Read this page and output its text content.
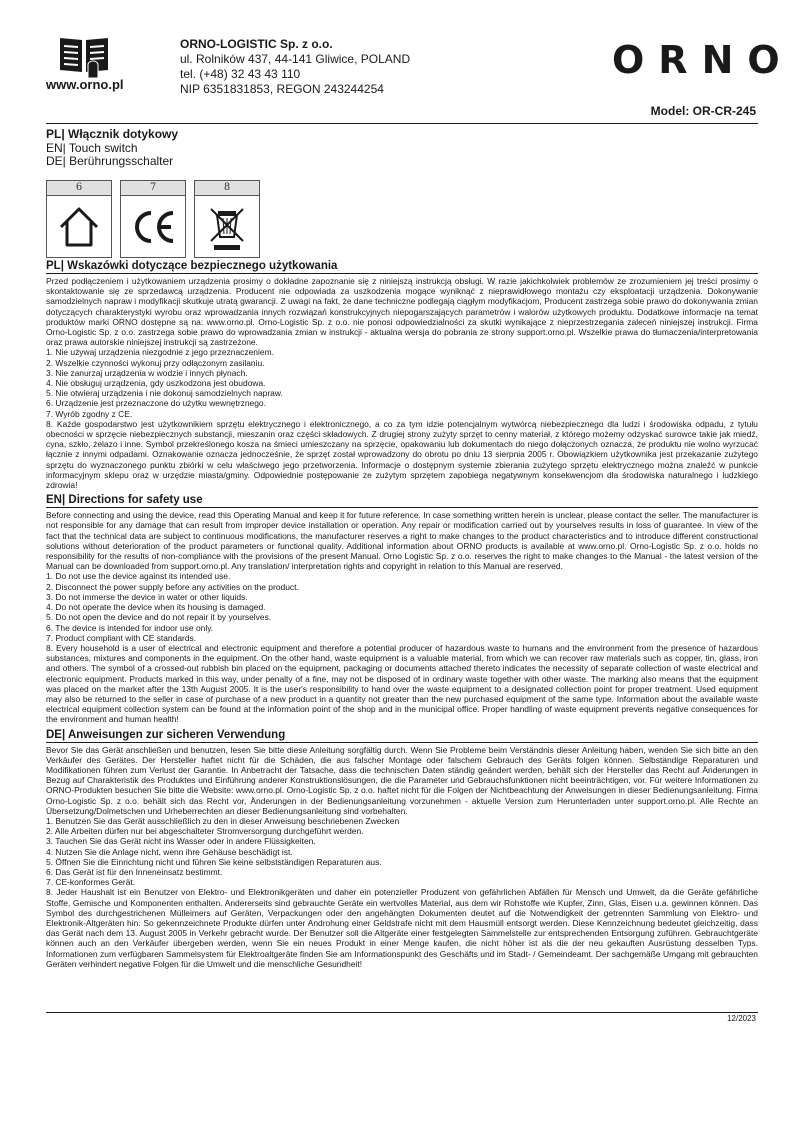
www.orno.pl
ORNO-LOGISTIC Sp. z o.o.
ul. Rolników 437, 44-141 Gliwice, POLAND
tel. (+48) 32 43 43 110
NIP 6351831853, REGON 243244254
ORNO
Model: OR-CR-245
PL| Włącznik dotykowy
EN| Touch switch
DE| Berührungsschalter
6	7	8
PL| Wskazówki dotyczące bezpiecznego użytkowania

Przed podłączeniem i użytkowaniem urządzenia prosimy o dokładne zapoznanie się z niniejszą instrukcją obsługi. W razie jakichkolwiek problemów ze zrozumieniem jej treści prosimy o skontaktowanie się ze sprzedawcą urządzenia. Producent nie odpowiada za uszkodzenia mogące wyniknąć z nieprawidłowego montażu czy eksploatacji urządzenia. Dokonywanie samodzielnych napraw i modyfikacji skutkuje utratą gwarancji. Z uwagi na fakt, że dane techniczne podlegają ciągłym modyfikacjom, Producent zastrzega sobie prawo do dokonywania zmian dotyczących charakterystyki wyrobu oraz wprowadzania innych rozwiązań konstrukcyjnych niepogarszających parametrów i walorów użytkowych produktu. Dodatkowe informacje na temat produktów marki ORNO dostępne są na: www.orno.pl. Orno-Logistic Sp. z o.o. nie ponosi odpowiedzialności za skutki wynikające z nieprzestrzegania zaleceń niniejszej instrukcji. Firma Orno-Logistic Sp. z o.o. zastrzega sobie prawo do wprowadzania zmian w instrukcji - aktualna wersja do pobrania ze strony support.orno.pl. Wszelkie prawa do tłumaczenia/interpretowania oraz prawa autorskie niniejszej instrukcji są zastrzeżone.

1. Nie używaj urządzenia niezgodnie z jego przeznaczeniem.
2. Wszelkie czynności wykonuj przy odłączonym zasilaniu.
3. Nie zanurzaj urządzenia w wodzie i innych płynach.
4. Nie obsługuj urządzenia, gdy uszkodzona jest obudowa.
5. Nie otwieraj urządzenia i nie dokonuj samodzielnych napraw.
6. Urządzenie jest przeznaczone do użytku wewnętrznego.
7. Wyrób zgodny z CE.
8. Każde gospodarstwo jest użytkownikiem sprzętu elektrycznego i elektronicznego, a co za tym idzie potencjalnym wytwórcą niebezpiecznego dla ludzi i środowiska odpadu, z tytułu obecności w sprzęcie niebezpiecznych substancji, mieszanin oraz części składowych. Z drugiej strony zużyty sprzęt to cenny materiał, z którego możemy odzyskać surowce takie jak miedź, cyna, szkło, żelazo i inne. Symbol przekreślonego kosza na śmieci umieszczany na sprzęcie, opakowaniu lub dokumentach do niego dołączonych oznacza, że produktu nie wolno wyrzucać łącznie z innymi odpadami. Oznakowanie oznacza jednocześnie, że sprzęt został wprowadzony do obrotu po dniu 13 sierpnia 2005 r. Obowiązkiem użytkownika jest przekazanie zużytego sprzętu do wyznaczonego punktu zbiórki w celu właściwego jego przetworzenia. Informacje o dostępnym systemie zbierania zużytego sprzętu elektrycznego można znaleźć w punkcie informacyjnym sklepu oraz w urzędzie miasta/gminy. Odpowiednie postępowanie ze zużytym sprzętem zapobiega negatywnym konsekwencjom dla środowiska naturalnego i ludzkiego zdrowia!
EN| Directions for safety use

Before connecting and using the device, read this Operating Manual and keep it for future reference. In case something written herein is unclear, please contact the seller. The manufacturer is not responsible for any damage that can result from improper device installation or operation. Any repair or modification carried out by yourselves results in loss of guarantee. In view of the fact that the technical data are subject to continuous modifications, the manufacturer reserves a right to make changes to the product characteristics and to introduce different constructional solutions without deterioration of the product parameters or functional quality. Additional information about ORNO products is available at www.orno.pl. Orno-Logistic Sp. z o.o. holds no responsibility for the results of non-compliance with the provisions of the present Manual. Orno Logistic Sp. z o.o. reserves the right to make changes to the Manual - the latest version of the Manual can be downloaded from support.orno.pl. Any translation/ interpretation rights and copyright in relation to this Manual are reserved.

1. Do not use the device against its intended use.
2. Disconnect the power supply before any activities on the product.
3. Do not immerse the device in water or other liquids.
4. Do not operate the device when its housing is damaged.
5. Do not open the device and do not repair it by yourselves.
6. The device is intended for indoor use only.
7. Product compliant with CE standards.
8. Every household is a user of electrical and electronic equipment and therefore a potential producer of hazardous waste to humans and the environment from the presence of hazardous substances, mixtures and components in the equipment. On the other hand, waste equipment is a valuable material, from which we can recover raw materials such as copper, tin, glass, iron and others. The symbol of a crossed-out rubbish bin placed on the equipment, packaging or documents attached thereto indicates the necessity of separate collection of waste electrical and electronic equipment. Products marked in this way, under penalty of a fine, may not be disposed of in ordinary waste together with other waste. The marking also means that the equipment was placed on the market after the 13th August 2005. It is the user's responsibility to hand over the waste equipment to a designated collection point for proper treatment. Used equipment may also be returned to the seller in case of purchase of a new product in a quantity not greater than the new purchased equipment of the same type. Information about the available waste electrical equipment collection system can be found at the information point of the shop and in the municipal office. Proper handling of waste equipment prevents negative consequences for the environment and human health!
DE| Anweisungen zur sicheren Verwendung

Bevor Sie das Gerät anschließen und benutzen, lesen Sie bitte diese Anleitung sorgfältig durch. Wenn Sie Probleme beim Verständnis dieser Anleitung haben, wenden Sie sich bitte an den Verkäufer des Gerätes. Der Hersteller haftet nicht für die Schäden, die aus falscher Montage oder falschem Gebrauch des Geräts folgen können. Selbständige Reparaturen und Modifikationen führen zum Verlust der Garantie. In Anbetracht der Tatsache, dass die technischen Daten ständig geändert werden, behält sich der Hersteller das Recht auf Änderungen in Bezug auf Charakteristik des Produktes und Einführung anderer Konstruktionslösungen, die die Parameter und Gebrauchsfunktionen nicht beeinträchtigen, vor. Für weitere Informationen zu ORNO-Produkten besuchen Sie bitte die Website: www.orno.pl. Orno-Logistic Sp. z o.o. haftet nicht für die Folgen der Nichtbeachtung der Anweisungen in dieser Bedienungsanleitung. Firma Orno-Logistic Sp. z o.o. behält sich das Recht vor, Änderungen in der Bedienungsanleitung vorzunehmen - aktuelle Version zum Herunterladen unter support.orno.pl. Alle Rechte an Übersetzung/Dolmetschen und Urheberrechten an dieser Bedienungsanleitung sind vorbehalten.

1. Benutzen Sie das Gerät ausschließlich zu den in dieser Anweisung beschriebenen Zwecken
2. Alle Arbeiten dürfen nur bei abgeschalteter Stromversorgung durchgeführt werden.
3. Tauchen Sie das Gerät nicht ins Wasser oder in andere Flüssigkeiten.
4. Nutzen Sie die Anlage nicht, wenn ihre Gehäuse beschädigt ist.
5. Öffnen Sie die Einrichtung nicht und führen Sie keine selbstständigen Reparaturen aus.
6. Das Gerät ist für den Inneneinsatz bestimmt.
7. CE-konformes Gerät.
8. Jeder Haushalt ist ein Benutzer von Elektro- und Elektronikgeräten und daher ein potenzieller Produzent von gefährlichen Abfällen für Mensch und Umwelt, da die Geräte gefährliche Stoffe, Gemische und Komponenten enthalten. Andererseits sind gebrauchte Geräte ein wertvolles Material, aus dem wir Rohstoffe wie Kupfer, Zinn, Glas, Eisen u.a. gewinnen können. Das Symbol des durchgestrichenen Mülleimers auf Geräten, Verpackungen oder den angehängten Dokumenten deutet auf die Notwendigkeit der getrennten Sammlung von Elektro- und Elektronik-Altgeräten hin. So gekennzeichnete Produkte dürfen unter Androhung einer Geldstrafe nicht mit dem Hausmüll entsorgt werden. Diese Kennzeichnung bedeutet gleichzeitig, dass das Gerät nach dem 13. August 2005 in Verkehr gebracht wurde. Der Benutzer soll die Altgeräte einer festgelegten Sammelstelle zur entsprechenden Entsorgung zuführen. Gebrauchtgeräte können auch an den Verkäufer übergeben werden, wenn Sie ein neues Produkt in einer Menge kaufen, die nicht höher ist als die der neu gekauften Ausrüstung desselben Typs. Informationen zum verfügbaren Sammelsystem für Elektroaltgeräte finden Sie am Informationspunkt des Geschäfts und im Stadt- / Gemeindeamt. Der sachgemäße Umgang mit gebrauchten Geräten verhindert negative Folgen für die Umwelt und die menschliche Gesundheit!
12/2023
